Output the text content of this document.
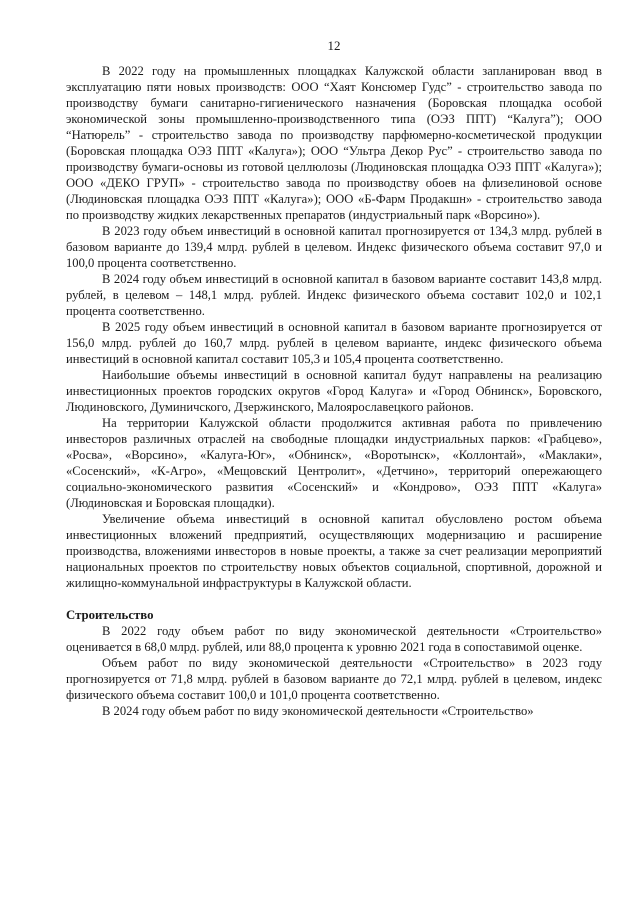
12

В 2022 году на промышленных площадках Калужской области запланирован ввод в эксплуатацию пяти новых производств: ООО “Хаят Консюмер Гудс” - строительство завода по производству бумаги санитарно-гигиенического назначения (Боровская площадка особой экономической зоны промышленно-производственного типа (ОЭЗ ППТ) “Калуга”); ООО “Натюрель” - строительство завода по производству парфюмерно-косметической продукции (Боровская площадка ОЭЗ ППТ «Калуга»); ООО “Ультра Декор Рус” - строительство завода по производству бумаги-основы из готовой целлюлозы (Людиновская площадка ОЭЗ ППТ «Калуга»); ООО «ДЕКО ГРУП» - строительство завода по производству обоев на флизелиновой основе (Людиновская площадка ОЭЗ ППТ «Калуга»); ООО «Б-Фарм Продакшн» - строительство завода по производству жидких лекарственных препаратов (индустриальный парк «Ворсино»).

В 2023 году объем инвестиций в основной капитал прогнозируется от 134,3 млрд. рублей в базовом варианте до 139,4 млрд. рублей в целевом. Индекс физического объема составит 97,0 и 100,0 процента соответственно.

В 2024 году объем инвестиций в основной капитал в базовом варианте составит 143,8 млрд. рублей, в целевом – 148,1 млрд. рублей. Индекс физического объема составит 102,0 и 102,1 процента соответственно.

В 2025 году объем инвестиций в основной капитал в базовом варианте прогнозируется от 156,0 млрд. рублей до 160,7 млрд. рублей в целевом варианте, индекс физического объема инвестиций в основной капитал составит 105,3 и 105,4 процента соответственно.

Наибольшие объемы инвестиций в основной капитал будут направлены на реализацию инвестиционных проектов городских округов «Город Калуга» и «Город Обнинск», Боровского, Людиновского, Думиничского, Дзержинского, Малоярославецкого районов.

На территории Калужской области продолжится активная работа по привлечению инвесторов различных отраслей на свободные площадки индустриальных парков: «Грабцево», «Росва», «Ворсино», «Калуга-Юг», «Обнинск», «Воротынск», «Коллонтай», «Маклаки», «Сосенский», «К-Агро», «Мещовский Центролит», «Детчино», территорий опережающего социально-экономического развития «Сосенский» и «Кондрово», ОЭЗ ППТ «Калуга» (Людиновская и Боровская площадки).

Увеличение объема инвестиций в основной капитал обусловлено ростом объема инвестиционных вложений предприятий, осуществляющих модернизацию и расширение производства, вложениями инвесторов в новые проекты, а также за счет реализации мероприятий национальных проектов по строительству новых объектов социальной, спортивной, дорожной и жилищно-коммунальной инфраструктуры в Калужской области.

Строительство

В 2022 году объем работ по виду экономической деятельности «Строительство» оценивается в 68,0 млрд. рублей, или 88,0 процента к уровню 2021 года в сопоставимой оценке.

Объем работ по виду экономической деятельности «Строительство» в 2023 году прогнозируется от 71,8 млрд. рублей в базовом варианте до 72,1 млрд. рублей в целевом, индекс физического объема составит 100,0 и 101,0 процента соответственно.

В 2024 году объем работ по виду экономической деятельности «Строительство»
